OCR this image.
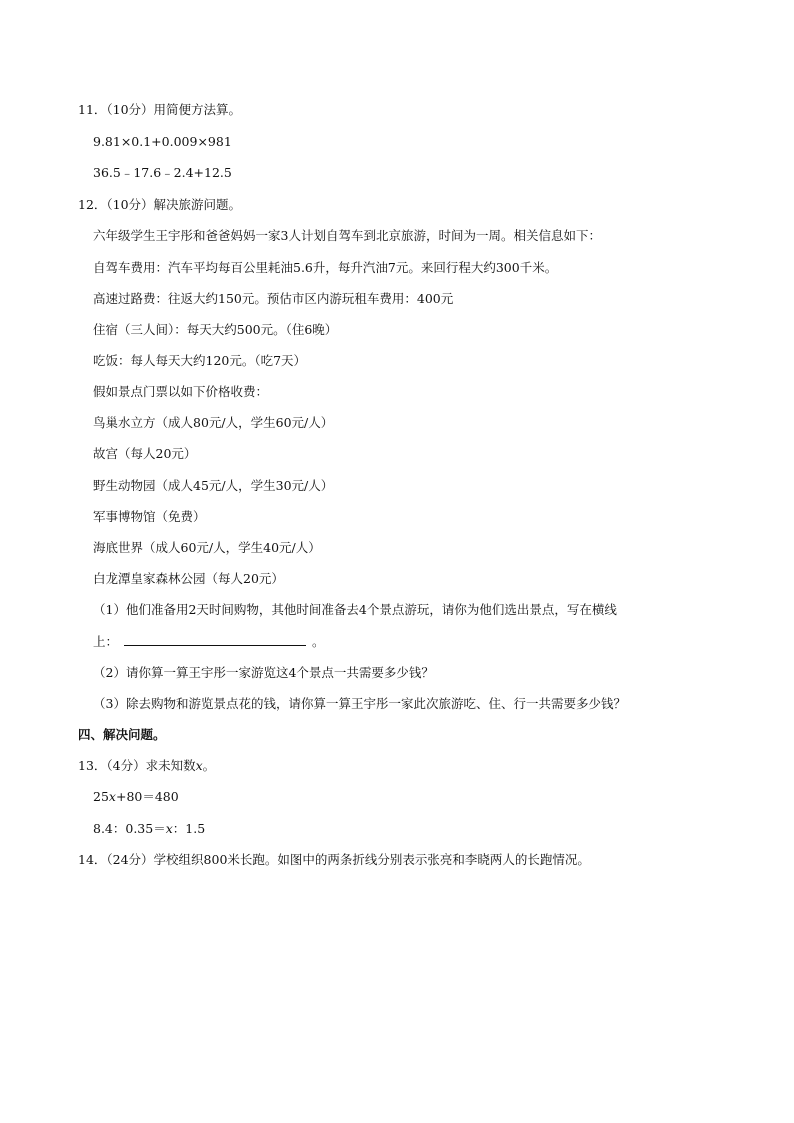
11．（10分）用简便方法算。
9.81×0.1+0.009×981
36.5﹣17.6﹣2.4+12.5
12．（10分）解决旅游问题。
六年级学生王宇彤和爸爸妈妈一家3人计划自驾车到北京旅游，时间为一周。相关信息如下：
自驾车费用：汽车平均每百公里耗油5.6升，每升汽油7元。来回行程大约300千米。
高速过路费：往返大约150元。预估市区内游玩租车费用：400元
住宿（三人间）：每天大约500元。（住6晚）
吃饭：每人每天大约120元。（吃7天）
假如景点门票以如下价格收费：
鸟巢水立方（成人80元/人，学生60元/人）
故宫（每人20元）
野生动物园（成人45元/人，学生30元/人）
军事博物馆（免费）
海底世界（成人60元/人，学生40元/人）
白龙潭皇家森林公园（每人20元）
（1）他们准备用2天时间购物，其他时间准备去4个景点游玩，请你为他们选出景点，写在横线
上：	。
（2）请你算一算王宇彤一家游览这4个景点一共需要多少钱？
（3）除去购物和游览景点花的钱，请你算一算王宇彤一家此次旅游吃、住、行一共需要多少钱？
四、解决问题。
13．（4分）求未知数x。
25x+80＝480
8.4：0.35＝x：1.5
14．（24分）学校组织800米长跑。如图中的两条折线分别表示张亮和李晓两人的长跑情况。
